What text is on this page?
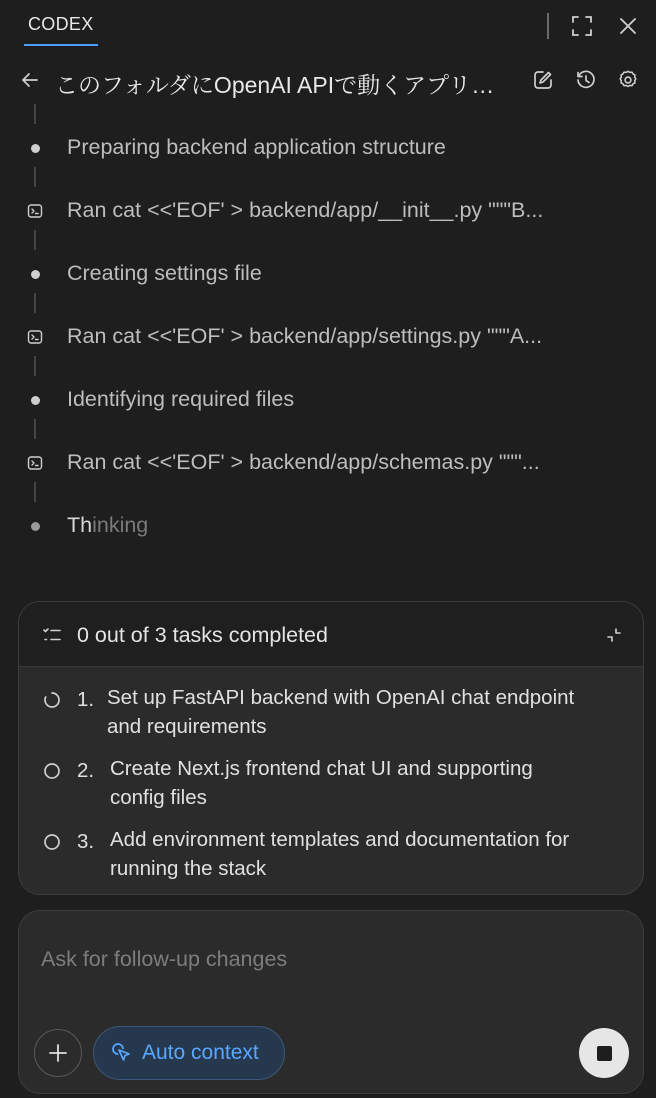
CODEX
このフォルダにOpenAI APIで動くアプリ…
Preparing backend application structure
Ran cat <<'EOF' > backend/app/__init__.py """B...
Creating settings file
Ran cat <<'EOF' > backend/app/settings.py """A...
Identifying required files
Ran cat <<'EOF' > backend/app/schemas.py """...
Thinking
0 out of 3 tasks completed
1. Set up FastAPI backend with OpenAI chat endpoint
and requirements
2. Create Next.js frontend chat UI and supporting
config files
3. Add environment templates and documentation for
running the stack
Ask for follow-up changes
Auto context
